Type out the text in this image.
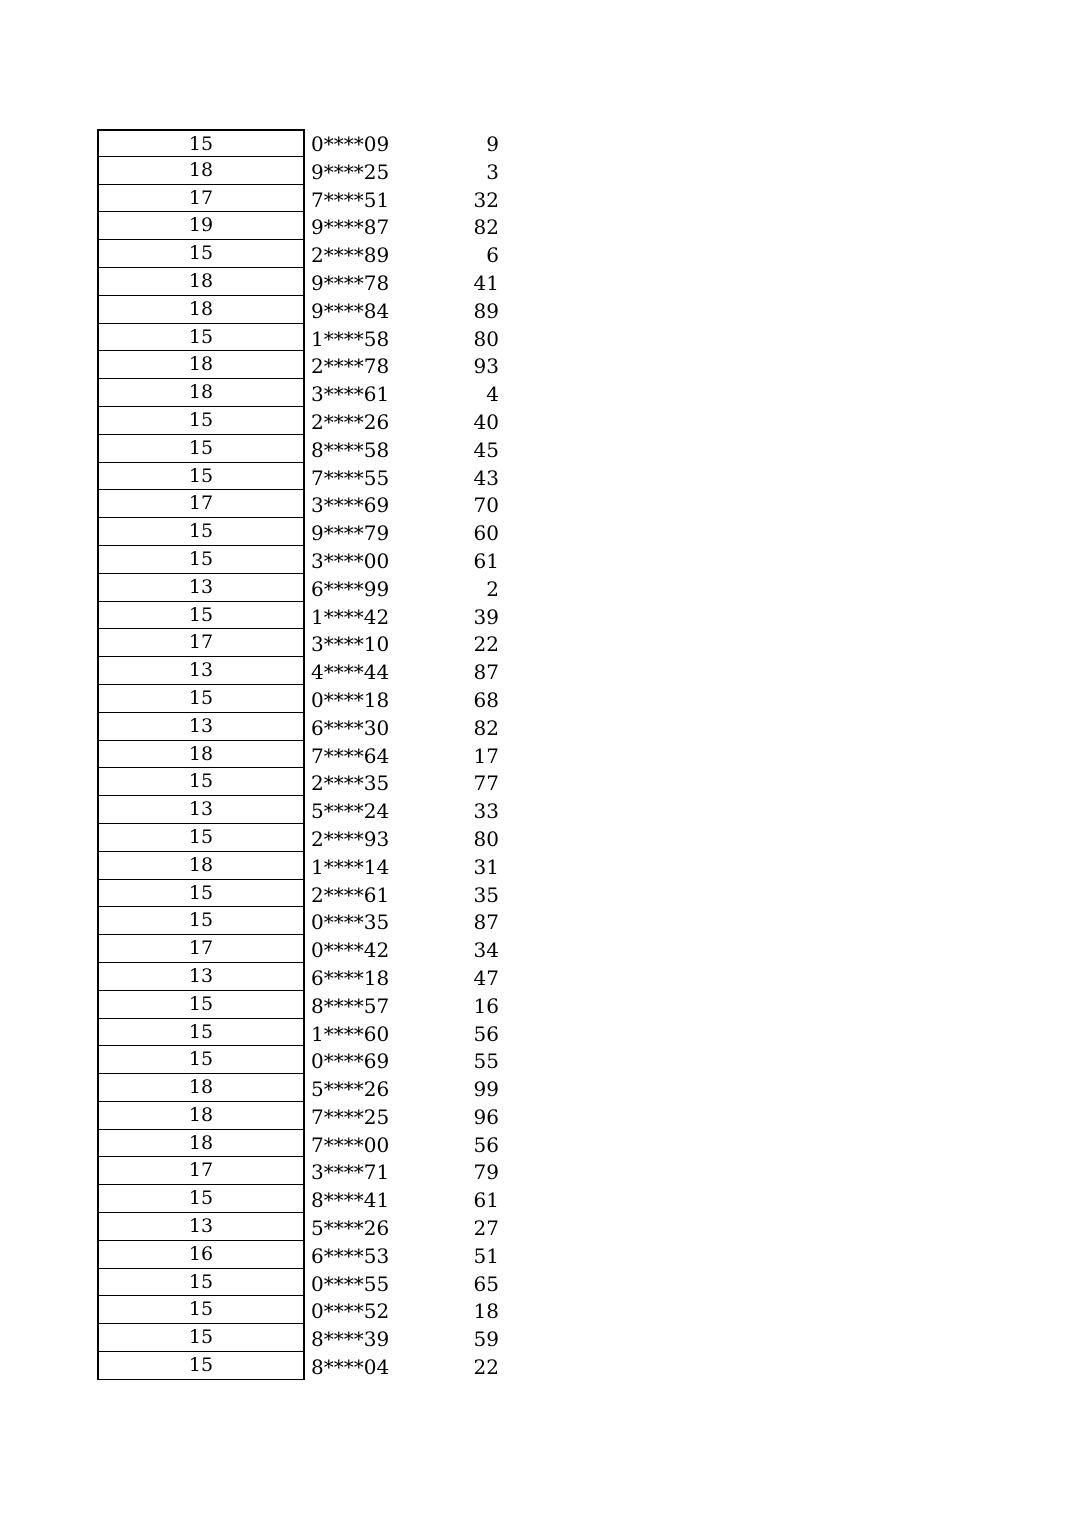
15	0****09	9
18	9****25	3
17	7****51	32
19	9****87	82
15	2****89	6
18	9****78	41
18	9****84	89
15	1****58	80
18	2****78	93
18	3****61	4
15	2****26	40
15	8****58	45
15	7****55	43
17	3****69	70
15	9****79	60
15	3****00	61
13	6****99	2
15	1****42	39
17	3****10	22
13	4****44	87
15	0****18	68
13	6****30	82
18	7****64	17
15	2****35	77
13	5****24	33
15	2****93	80
18	1****14	31
15	2****61	35
15	0****35	87
17	0****42	34
13	6****18	47
15	8****57	16
15	1****60	56
15	0****69	55
18	5****26	99
18	7****25	96
18	7****00	56
17	3****71	79
15	8****41	61
13	5****26	27
16	6****53	51
15	0****55	65
15	0****52	18
15	8****39	59
15	8****04	22
